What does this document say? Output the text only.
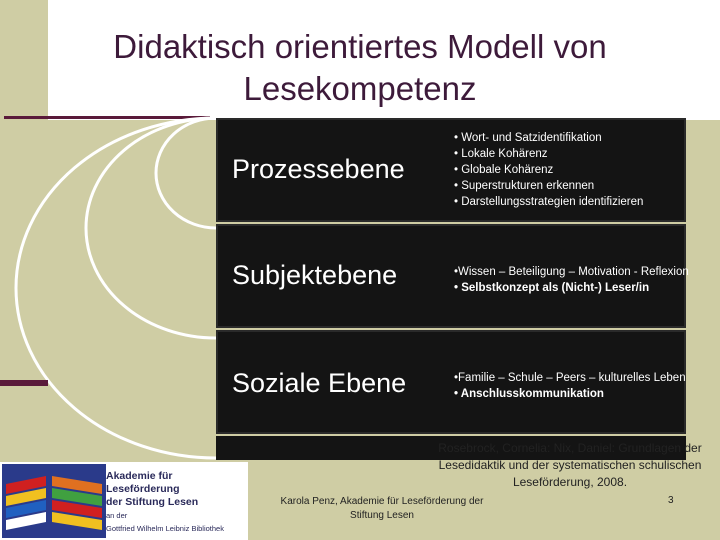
Didaktisch orientiertes Modell von Lesekompetenz
Prozessebene
• Wort- und Satzidentifikation
• Lokale Kohärenz
• Globale Kohärenz
• Superstrukturen erkennen
• Darstellungsstrategien identifizieren
Subjektebene	•Wissen – Beteiligung – Motivation - Reflexion
• Selbstkonzept als (Nicht-) Leser/in
Soziale Ebene	•Familie – Schule – Peers – kulturelles Leben
• Anschlusskommunikation
Rosebrock, Cornelia: Nix, Daniel: Grundlagen der Lesedidaktik und der systematischen schulischen Leseförderung, 2008.
Akademie für Leseförderung
der Stiftung Lesen
an der
Gottfried Wilhelm Leibniz Bibliothek
Karola Penz, Akademie für Leseförderung der Stiftung Lesen
3
